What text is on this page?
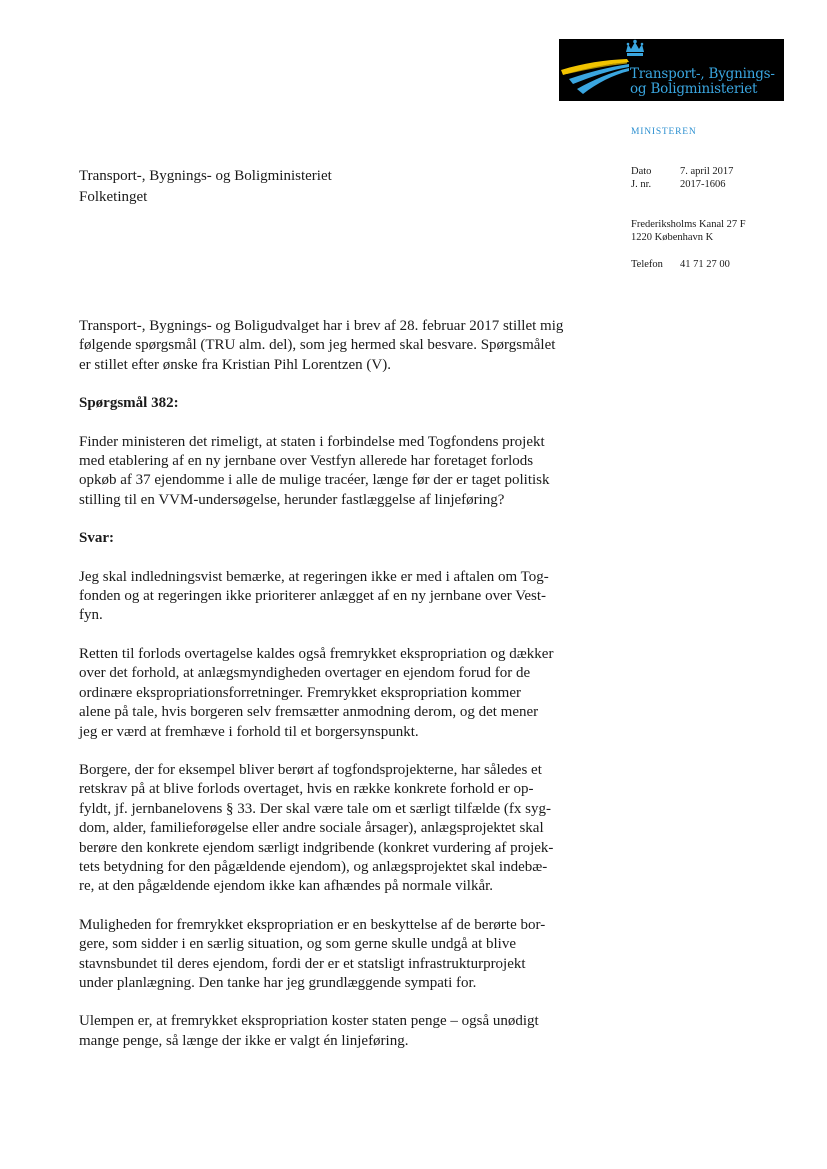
Transport-, Bygnings-
og Boligministeriet
MINISTEREN
Dato	7. april 2017
J. nr.	2017-1606
Frederiksholms Kanal 27 F
1220 København K
Telefon	41 71 27 00
Transport-, Bygnings- og Boligministeriet
Folketinget

Transport-, Bygnings- og Boligudvalget har i brev af 28. februar 2017 stillet mig
følgende spørgsmål (TRU alm. del), som jeg hermed skal besvare. Spørgsmålet
er stillet efter ønske fra Kristian Pihl Lorentzen (V).

Spørgsmål 382:

Finder ministeren det rimeligt, at staten i forbindelse med Togfondens projekt
med etablering af en ny jernbane over Vestfyn allerede har foretaget forlods
opkøb af 37 ejendomme i alle de mulige tracéer, længe før der er taget politisk
stilling til en VVM-undersøgelse, herunder fastlæggelse af linjeføring?

Svar:

Jeg skal indledningsvist bemærke, at regeringen ikke er med i aftalen om Tog-
fonden og at regeringen ikke prioriterer anlægget af en ny jernbane over Vest-
fyn.

Retten til forlods overtagelse kaldes også fremrykket ekspropriation og dækker
over det forhold, at anlægsmyndigheden overtager en ejendom forud for de
ordinære ekspropriationsforretninger. Fremrykket ekspropriation kommer
alene på tale, hvis borgeren selv fremsætter anmodning derom, og det mener
jeg er værd at fremhæve i forhold til et borgersynspunkt.

Borgere, der for eksempel bliver berørt af togfondsprojekterne, har således et
retskrav på at blive forlods overtaget, hvis en række konkrete forhold er op-
fyldt, jf. jernbanelovens § 33. Der skal være tale om et særligt tilfælde (fx syg-
dom, alder, familieforøgelse eller andre sociale årsager), anlægsprojektet skal
berøre den konkrete ejendom særligt indgribende (konkret vurdering af projek-
tets betydning for den pågældende ejendom), og anlægsprojektet skal indebæ-
re, at den pågældende ejendom ikke kan afhændes på normale vilkår.

Muligheden for fremrykket ekspropriation er en beskyttelse af de berørte bor-
gere, som sidder i en særlig situation, og som gerne skulle undgå at blive
stavnsbundet til deres ejendom, fordi der er et statsligt infrastrukturprojekt
under planlægning. Den tanke har jeg grundlæggende sympati for.

Ulempen er, at fremrykket ekspropriation koster staten penge – også unødigt
mange penge, så længe der ikke er valgt én linjeføring.
